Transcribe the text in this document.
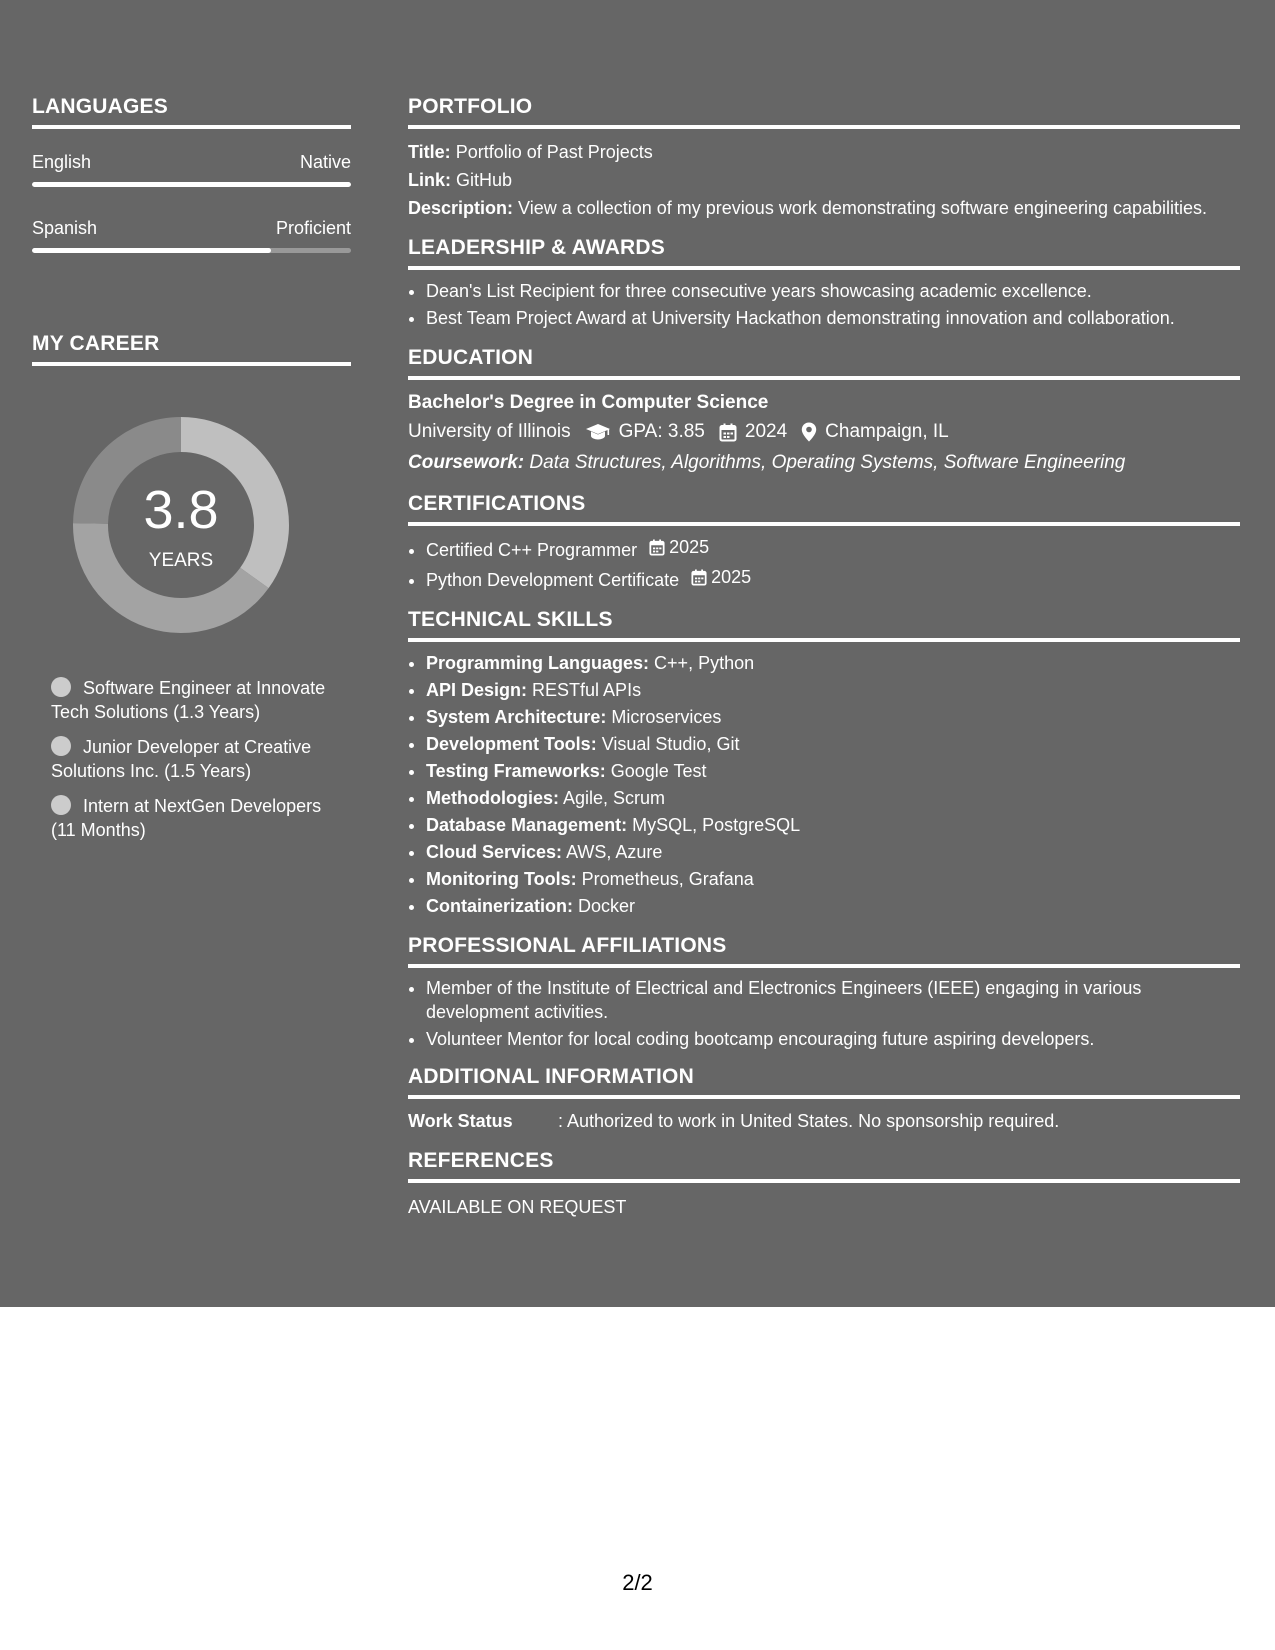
LANGUAGES
English	Native
Spanish	Proficient
MY CAREER
3.8
YEARS
Software Engineer at Innovate Tech Solutions (1.3 Years)
Junior Developer at Creative Solutions Inc. (1.5 Years)
Intern at NextGen Developers (11 Months)
PORTFOLIO
Title: Portfolio of Past Projects
Link: GitHub
Description: View a collection of my previous work demonstrating software engineering capabilities.
LEADERSHIP & AWARDS
• Dean's List Recipient for three consecutive years showcasing academic excellence.
• Best Team Project Award at University Hackathon demonstrating innovation and collaboration.
EDUCATION
Bachelor's Degree in Computer Science
University of Illinois	GPA: 3.85 2024 Champaign, IL
Coursework: Data Structures, Algorithms, Operating Systems, Software Engineering
CERTIFICATIONS
• Certified C++ Programmer 2025
• Python Development Certificate 2025
TECHNICAL SKILLS
• Programming Languages: C++, Python
• API Design: RESTful APIs
• System Architecture: Microservices
• Development Tools: Visual Studio, Git
• Testing Frameworks: Google Test
• Methodologies: Agile, Scrum
• Database Management: MySQL, PostgreSQL
• Cloud Services: AWS, Azure
• Monitoring Tools: Prometheus, Grafana
• Containerization: Docker
PROFESSIONAL AFFILIATIONS
• Member of the Institute of Electrical and Electronics Engineers (IEEE) engaging in various development activities.
• Volunteer Mentor for local coding bootcamp encouraging future aspiring developers.
ADDITIONAL INFORMATION
Work Status	: Authorized to work in United States. No sponsorship required.
REFERENCES
AVAILABLE ON REQUEST
2/2
